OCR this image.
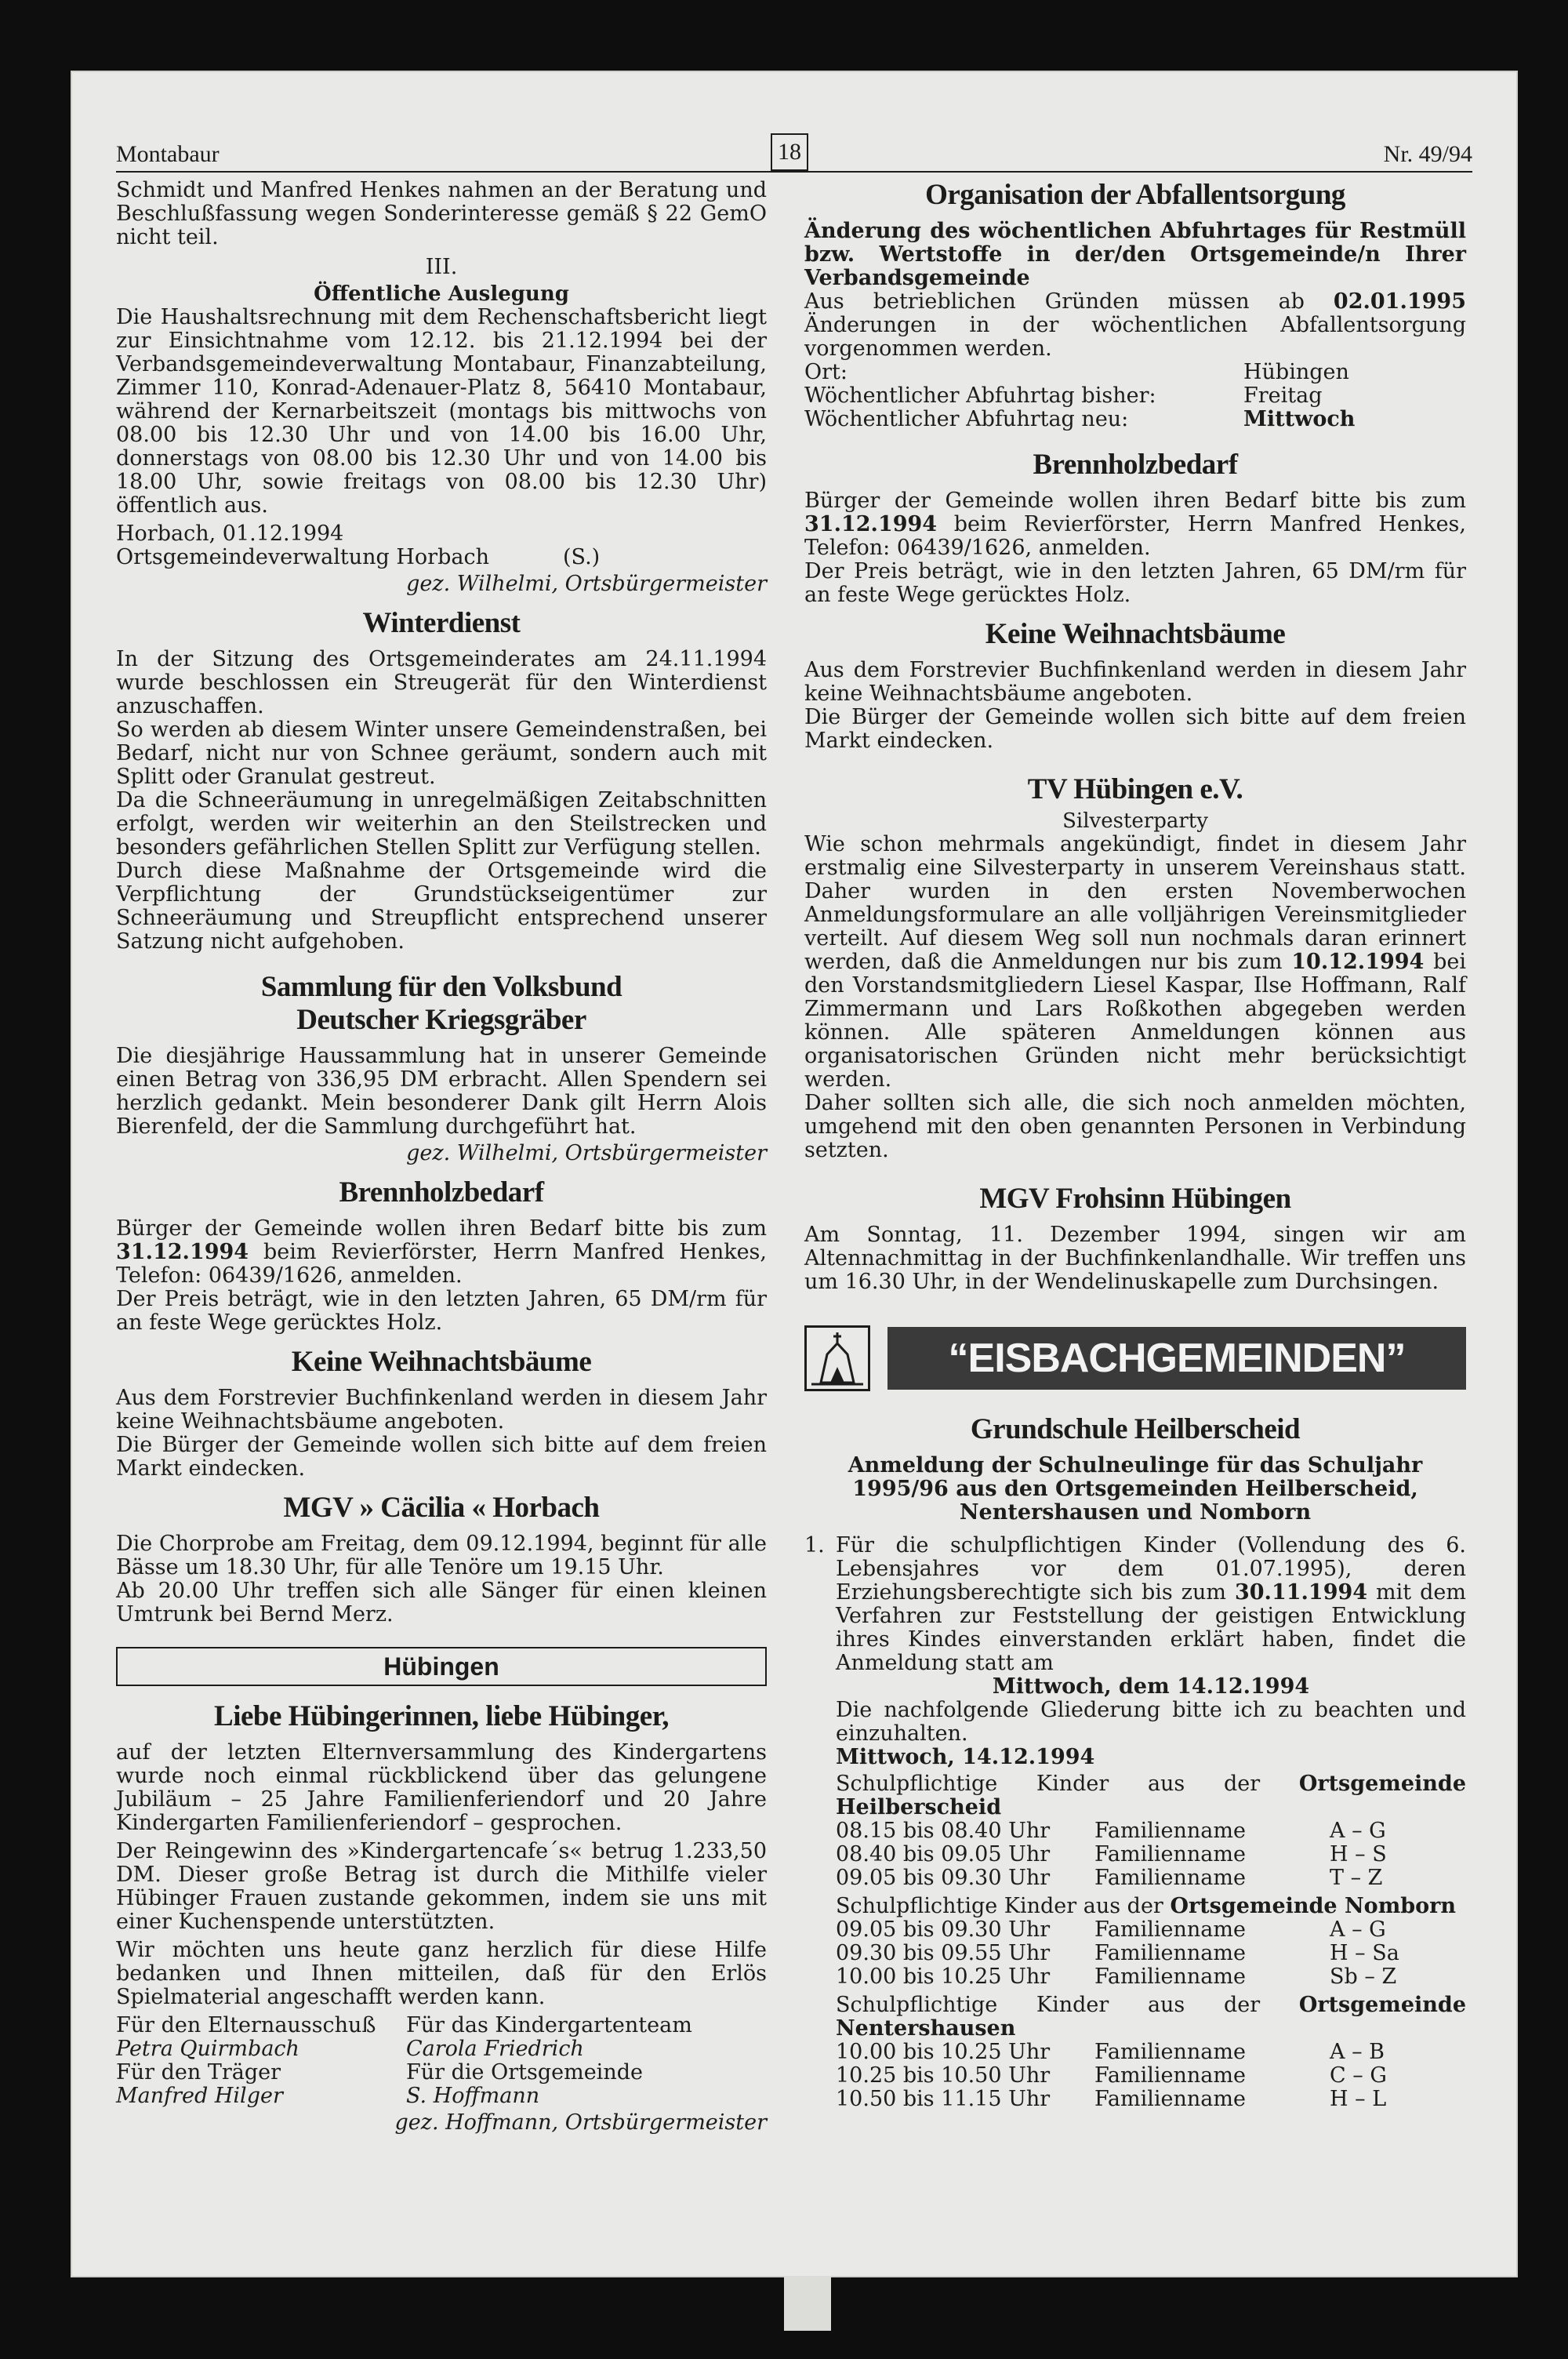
Montabaur	18	Nr. 49/94

Schmidt und Manfred Henkes nahmen an der Beratung und Beschlußfassung wegen Sonderinteresse gemäß § 22 GemO nicht teil.

III.
Öffentliche Auslegung

Die Haushaltsrechnung mit dem Rechenschaftsbericht liegt zur Einsichtnahme vom 12.12. bis 21.12.1994 bei der Verbandsgemeindeverwaltung Montabaur, Finanzabteilung, Zimmer 110, Konrad-Adenauer-Platz 8, 56410 Montabaur, während der Kernarbeitszeit (montags bis mittwochs von 08.00 bis 12.30 Uhr und von 14.00 bis 16.00 Uhr, donnerstags von 08.00 bis 12.30 Uhr und von 14.00 bis 18.00 Uhr, sowie freitags von 08.00 bis 12.30 Uhr) öffentlich aus.

Horbach, 01.12.1994

Ortsgemeindeverwaltung Horbach	(S.)
gez. Wilhelmi, Ortsbürgermeister
Winterdienst

In der Sitzung des Ortsgemeinderates am 24.11.1994 wurde beschlossen ein Streugerät für den Winterdienst anzuschaffen.

So werden ab diesem Winter unsere Gemeindenstraßen, bei Bedarf, nicht nur von Schnee geräumt, sondern auch mit Splitt oder Granulat gestreut.

Da die Schneeräumung in unregelmäßigen Zeitabschnitten erfolgt, werden wir weiterhin an den Steilstrecken und besonders gefährlichen Stellen Splitt zur Verfügung stellen.

Durch diese Maßnahme der Ortsgemeinde wird die Verpflichtung der Grundstückseigentümer zur Schneeräumung und Streupflicht entsprechend unserer Satzung nicht aufgehoben.

Sammlung für den Volksbund
Deutscher Kriegsgräber

Die diesjährige Haussammlung hat in unserer Gemeinde einen Betrag von 336,95 DM erbracht. Allen Spendern sei herzlich gedankt. Mein besonderer Dank gilt Herrn Alois Bierenfeld, der die Sammlung durchgeführt hat.

gez. Wilhelmi, Ortsbürgermeister
Brennholzbedarf

Bürger der Gemeinde wollen ihren Bedarf bitte bis zum 31.12.1994 beim Revierförster, Herrn Manfred Henkes, Telefon: 06439/1626, anmelden.

Der Preis beträgt, wie in den letzten Jahren, 65 DM/rm für an feste Wege gerücktes Holz.

Keine Weihnachtsbäume

Aus dem Forstrevier Buchfinkenland werden in diesem Jahr keine Weihnachtsbäume angeboten.

Die Bürger der Gemeinde wollen sich bitte auf dem freien Markt eindecken.

MGV » Cäcilia « Horbach

Die Chorprobe am Freitag, dem 09.12.1994, beginnt für alle Bässe um 18.30 Uhr, für alle Tenöre um 19.15 Uhr.

Ab 20.00 Uhr treffen sich alle Sänger für einen kleinen Umtrunk bei Bernd Merz.

Hübingen
Liebe Hübingerinnen, liebe Hübinger,

auf der letzten Elternversammlung des Kindergartens wurde noch einmal rückblickend über das gelungene Jubiläum – 25 Jahre Familienferiendorf und 20 Jahre Kindergarten Familienferiendorf – gesprochen.

Der Reingewinn des »Kindergartencafe´s« betrug 1.233,50 DM. Dieser große Betrag ist durch die Mithilfe vieler Hübinger Frauen zustande gekommen, indem sie uns mit einer Kuchenspende unterstützten.

Wir möchten uns heute ganz herzlich für diese Hilfe bedanken und Ihnen mitteilen, daß für den Erlös Spielmaterial angeschafft werden kann.

Für den Elternausschuß	Für das Kindergartenteam
Petra Quirmbach	Carola Friedrich
Für den Träger	Für die Ortsgemeinde
Manfred Hilger	S. Hoffmann
gez. Hoffmann, Ortsbürgermeister
Organisation der Abfallentsorgung

Änderung des wöchentlichen Abfuhrtages für Restmüll bzw. Wertstoffe in der/den Ortsgemeinde/n Ihrer Verbandsgemeinde

Aus betrieblichen Gründen müssen ab 02.01.1995 Änderungen in der wöchentlichen Abfallentsorgung vorgenommen werden.

Ort:	Hübingen
Wöchentlicher Abfuhrtag bisher:	Freitag
Wöchentlicher Abfuhrtag neu:	Mittwoch
Brennholzbedarf

Bürger der Gemeinde wollen ihren Bedarf bitte bis zum 31.12.1994 beim Revierförster, Herrn Manfred Henkes, Telefon: 06439/1626, anmelden.

Der Preis beträgt, wie in den letzten Jahren, 65 DM/rm für an feste Wege gerücktes Holz.

Keine Weihnachtsbäume

Aus dem Forstrevier Buchfinkenland werden in diesem Jahr keine Weihnachtsbäume angeboten.

Die Bürger der Gemeinde wollen sich bitte auf dem freien Markt eindecken.

TV Hübingen e.V.
Silvesterparty

Wie schon mehrmals angekündigt, findet in diesem Jahr erstmalig eine Silvesterparty in unserem Vereinshaus statt. Daher wurden in den ersten Novemberwochen Anmeldungsformulare an alle volljährigen Vereinsmitglieder verteilt. Auf diesem Weg soll nun nochmals daran erinnert werden, daß die Anmeldungen nur bis zum 10.12.1994 bei den Vorstandsmitgliedern Liesel Kaspar, Ilse Hoffmann, Ralf Zimmermann und Lars Roßkothen abgegeben werden können. Alle späteren Anmeldungen können aus organisatorischen Gründen nicht mehr berücksichtigt werden.

Daher sollten sich alle, die sich noch anmelden möchten, umgehend mit den oben genannten Personen in Verbindung setzten.

MGV Frohsinn Hübingen

Am Sonntag, 11. Dezember 1994, singen wir am Altennachmittag in der Buchfinkenlandhalle. Wir treffen uns um 16.30 Uhr, in der Wendelinuskapelle zum Durchsingen.

“EISBACHGEMEINDEN”
Grundschule Heilberscheid

Anmeldung der Schulneulinge für das Schuljahr 1995/96 aus den Ortsgemeinden Heilberscheid, Nentershausen und Nomborn

1. Für die schulpflichtigen Kinder (Vollendung des 6. Lebensjahres vor dem 01.07.1995), deren Erziehungsberechtigte sich bis zum 30.11.1994 mit dem Verfahren zur Feststellung der geistigen Entwicklung ihres Kindes einverstanden erklärt haben, findet die Anmeldung statt am

Mittwoch, dem 14.12.1994

Die nachfolgende Gliederung bitte ich zu beachten und einzuhalten.

Mittwoch, 14.12.1994

Schulpflichtige Kinder aus der Ortsgemeinde Heilberscheid

08.15 bis 08.40 Uhr	Familienname	A – G
08.40 bis 09.05 Uhr	Familienname	H – S
09.05 bis 09.30 Uhr	Familienname	T – Z

Schulpflichtige Kinder aus der Ortsgemeinde Nomborn

09.05 bis 09.30 Uhr	Familienname	A – G
09.30 bis 09.55 Uhr	Familienname	H – Sa
10.00 bis 10.25 Uhr	Familienname	Sb – Z

Schulpflichtige Kinder aus der Ortsgemeinde Nentershausen

10.00 bis 10.25 Uhr	Familienname	A – B
10.25 bis 10.50 Uhr	Familienname	C – G
10.50 bis 11.15 Uhr	Familienname	H – L
